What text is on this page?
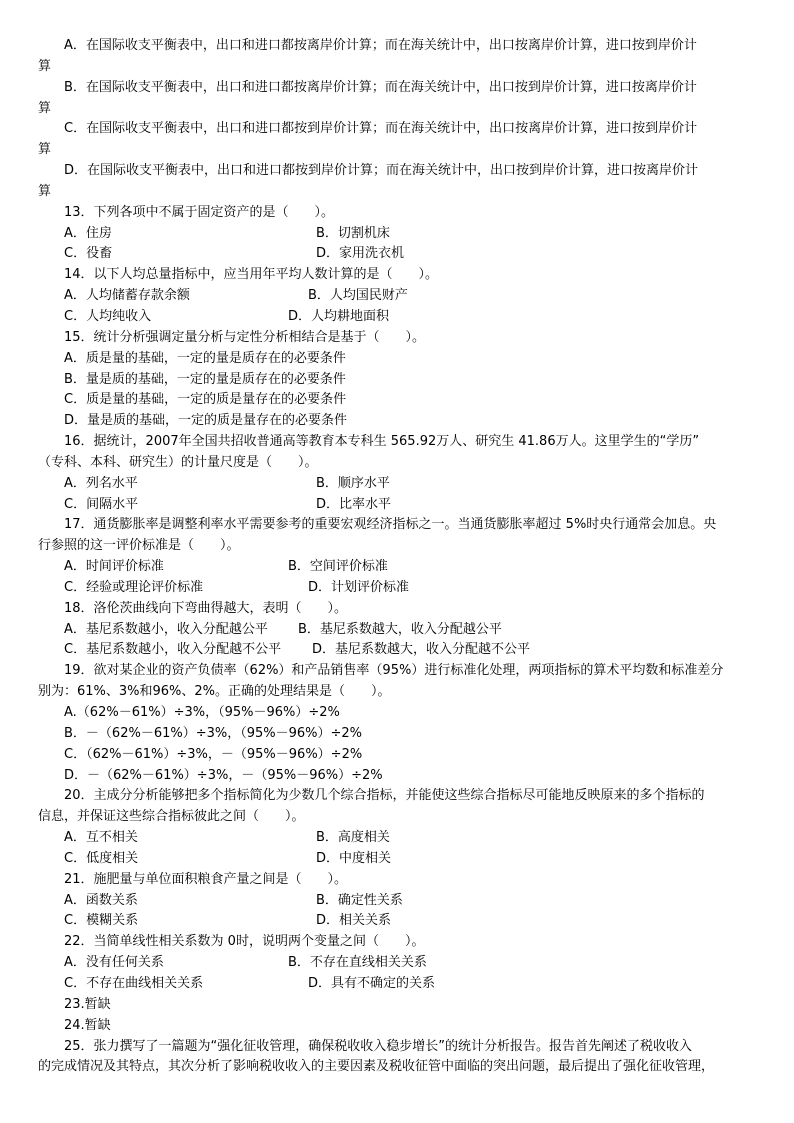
A．在国际收支平衡表中，出口和进口都按离岸价计算；而在海关统计中，出口按离岸价计算，进口按到岸价计
算
B．在国际收支平衡表中，出口和进口都按离岸价计算；而在海关统计中，出口按到岸价计算，进口按离岸价计
算
C．在国际收支平衡表中，出口和进口都按到岸价计算；而在海关统计中，出口按离岸价计算，进口按到岸价计
算
D．在国际收支平衡表中，出口和进口都按到岸价计算；而在海关统计中，出口按到岸价计算，进口按离岸价计
算
13．下列各项中不属于固定资产的是（　　）。
A．住房	B．切割机床
C．役畜	D．家用洗衣机
14．以下人均总量指标中，应当用年平均人数计算的是（　　）。
A．人均储蓄存款余额	B．人均国民财产
C．人均纯收入	D．人均耕地面积
15．统计分析强调定量分析与定性分析相结合是基于（　　）。
A．质是量的基础，一定的量是质存在的必要条件
B．量是质的基础，一定的量是质存在的必要条件
C．质是量的基础，一定的质是量存在的必要条件
D．量是质的基础，一定的质是量存在的必要条件
16．据统计，2007年全国共招收普通高等教育本专科生 565.92万人、研究生 41.86万人。这里学生的“学历”
（专科、本科、研究生）的计量尺度是（　　）。
A．列名水平	B．顺序水平
C．间隔水平	D．比率水平
17．通货膨胀率是调整利率水平需要参考的重要宏观经济指标之一。当通货膨胀率超过 5%时央行通常会加息。央
行参照的这一评价标准是（　　）。
A．时间评价标准	B．空间评价标准
C．经验或理论评价标准	D．计划评价标准
18．洛伦茨曲线向下弯曲得越大，表明（　　）。
A．基尼系数越小，收入分配越公平	B．基尼系数越大，收入分配越公平
C．基尼系数越小，收入分配越不公平	D．基尼系数越大，收入分配越不公平
19．欲对某企业的资产负债率（62%）和产品销售率（95%）进行标准化处理，两项指标的算术平均数和标准差分
别为：61%、3%和96%、2%。正确的处理结果是（　　）。
A.（62%－61%）÷3%，（95%－96%）÷2%
B．－（62%－61%）÷3%，（95%－96%）÷2%
C．（62%－61%）÷3%，－（95%－96%）÷2%
D．－（62%－61%）÷3%，－（95%－96%）÷2%
20．主成分分析能够把多个指标简化为少数几个综合指标，并能使这些综合指标尽可能地反映原来的多个指标的
信息，并保证这些综合指标彼此之间（　　）。
A．互不相关	B．高度相关
C．低度相关	D．中度相关
21．施肥量与单位面积粮食产量之间是（　　）。
A．函数关系	B．确定性关系
C．模糊关系	D．相关关系
22．当简单线性相关系数为 0时，说明两个变量之间（　　）。
A．没有任何关系	B．不存在直线相关关系
C．不存在曲线相关关系	D．具有不确定的关系
23.暂缺
24.暂缺
25．张力撰写了一篇题为“强化征收管理，确保税收收入稳步增长”的统计分析报告。报告首先阐述了税收收入
的完成情况及其特点，其次分析了影响税收收入的主要因素及税收征管中面临的突出问题，最后提出了强化征收管理，
